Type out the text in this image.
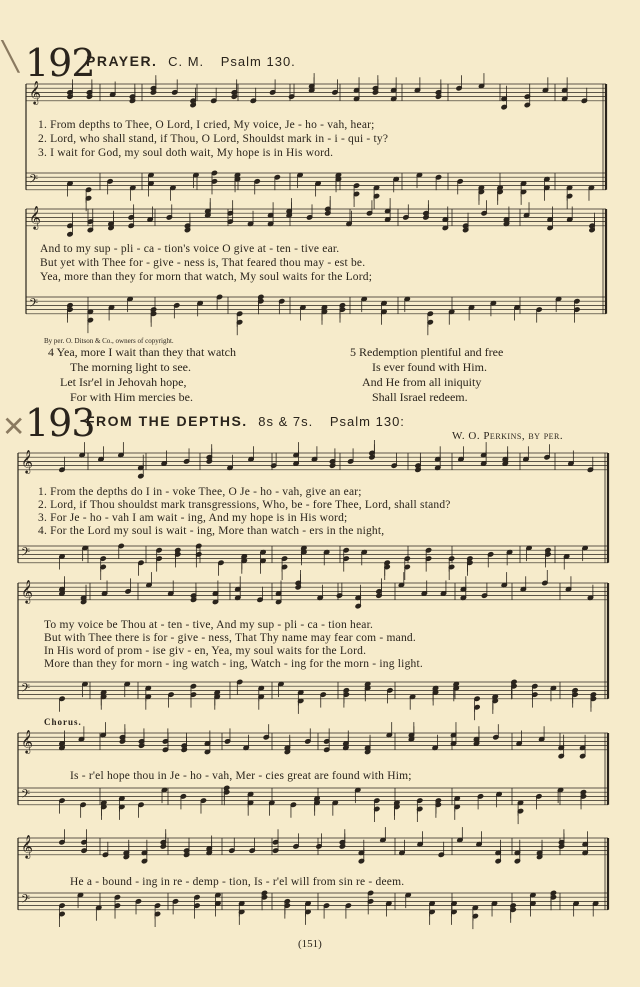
╲
✕
192
PRAYER. C. M. Psalm 130.
𝄞
𝄢
𝄞
𝄢
𝄞
𝄢
𝄞
𝄢
𝄞
𝄢
𝄞
𝄢
1. From depths to Thee, O Lord, I cried, My voice, Je - ho - vah, hear;
2. Lord, who shall stand, if Thou, O Lord, Shouldst mark in - i - qui - ty?
3. I wait for God, my soul doth wait, My hope is in His word.
And to my sup - pli - ca - tion's voice O give at - ten - tive ear.
But yet with Thee for - give - ness is, That feared thou may - est be.
Yea, more than they for morn that watch, My soul waits for the Lord;
By per. O. Ditson & Co., owners of copyright.
4 Yea, more I wait than they that watch
The morning light to see.
Let Isr'el in Jehovah hope,
For with Him mercies be.
5 Redemption plentiful and free
Is ever found with Him.
And He from all iniquity
Shall Israel redeem.
193
FROM THE DEPTHS. 8s & 7s. Psalm 130:
W. O. Perkins, by per.
1. From the depths do I in - voke Thee, O Je - ho - vah, give an ear;
2. Lord, if Thou shouldst mark transgressions, Who, be - fore Thee, Lord, shall stand?
3. For Je - ho - vah I am wait - ing, And my hope is in His word;
4. For the Lord my soul is wait - ing, More than watch - ers in the night,
To my voice be Thou at - ten - tive, And my sup - pli - ca - tion hear.
But with Thee there is for - give - ness, That Thy name may fear com - mand.
In His word of prom - ise giv - en, Yea, my soul waits for the Lord.
More than they for morn - ing watch - ing, Watch - ing for the morn - ing light.
Chorus.
Is - r'el hope thou in Je - ho - vah, Mer - cies great are found with Him;
He a - bound - ing in re - demp - tion, Is - r'el will from sin re - deem.
(151)
